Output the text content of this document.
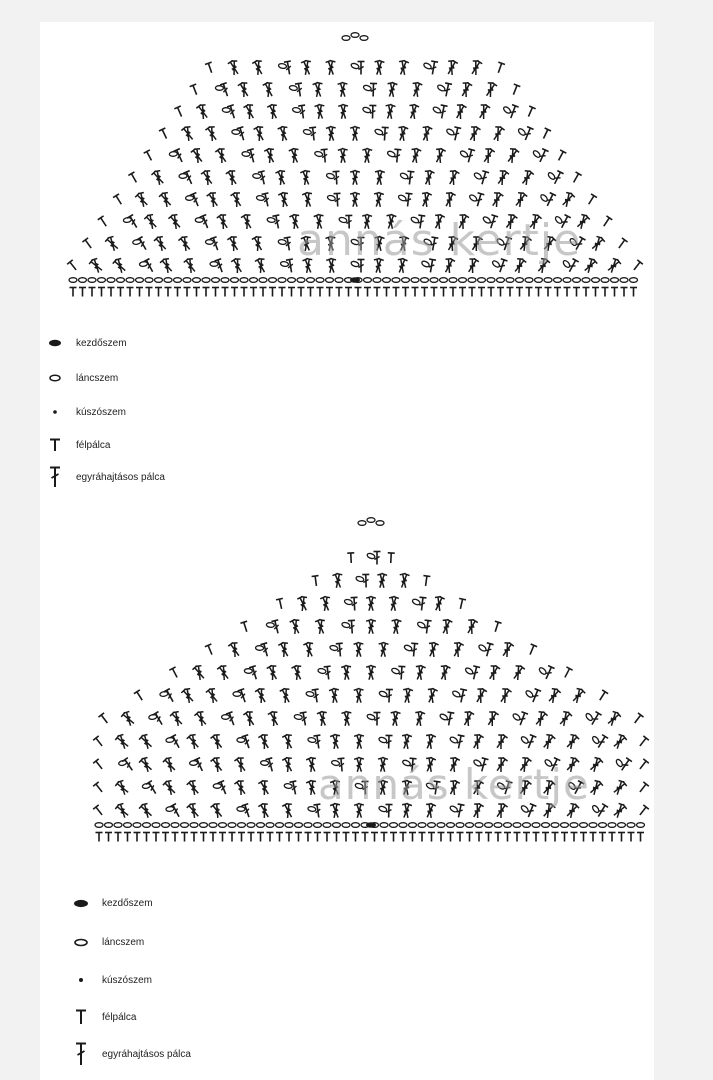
annás kertje
kezdőszem
láncszem
kúszószem
félpálca
egyráhajtásos pálca
annás kertje
kezdőszem
láncszem
kúszószem
félpálca
egyráhajtásos pálca
